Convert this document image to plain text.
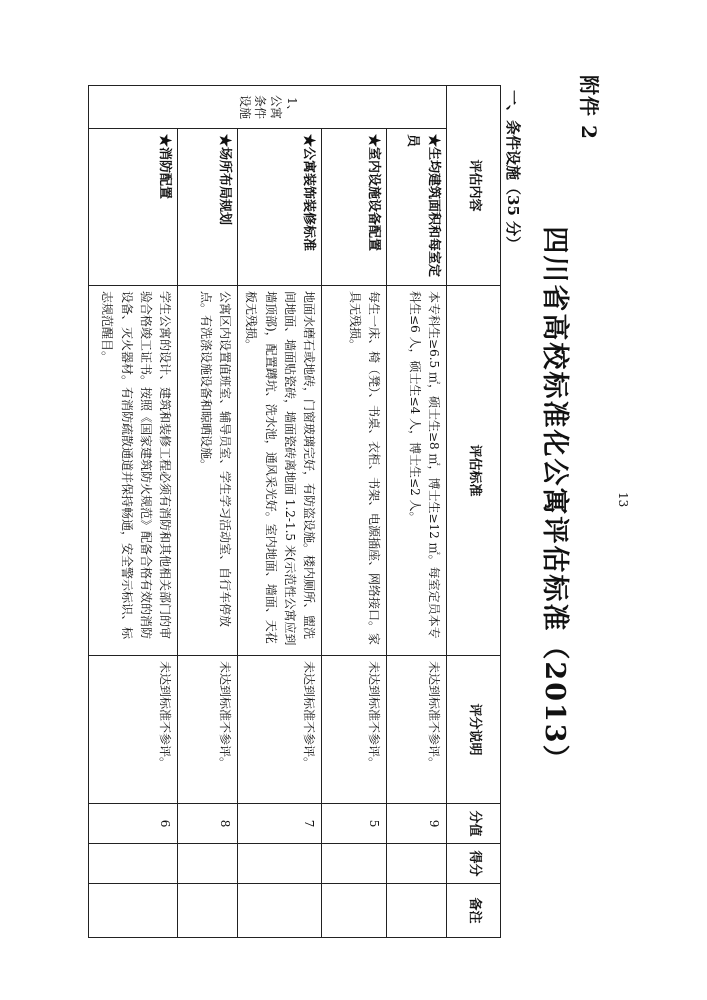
附件 2
四川省高校标准化公寓评估标准（2013）
一、条件设施（35 分）
评估内容		评估标准	评分说明	分值	得分	备注
1、公寓条件设施	★生均建筑面积和每室定员	本专科生≥6.5 ㎡，硕士生≥8 ㎡，博士生≥12 ㎡。每室定员本专科生≤6 人，硕士生≤4 人，博士生≤2 人。	未达到标准不参评。	9		
	★室内设施设备配置	每生一床、椅（凳）、书桌、衣柜、书架、电源插座、网络接口。家具无残损。	未达到标准不参评。	5		
	★公寓装饰装修标准	地面水磨石或地砖，门窗玻璃完好，有防盗设施。楼内厕所、盥洗间地面、墙面贴瓷砖，墙面瓷砖离地面 1.2-1.5 米(示范性公寓应到墙顶部)，配置蹲坑、洗水池，通风采光好。室内地面、墙面、天花板无残损。	未达到标准不参评。	7		
	★场所布局规划	公寓区内设置值班室、辅导员室、学生学习活动室、自行车停放点。有洗涤设施设备和晾晒设施。	未达到标准不参评。	8		
	★消防配置	学生公寓的设计、建筑和装修工程必须有消防和其他相关部门的审验合格竣工证书。按照《国家建筑防火规范》配备合格有效的消防设备、灭火器材。有消防疏散通道并保持畅通，安全警示标识、标志规范醒目。	未达到标准不参评。	6		
13
